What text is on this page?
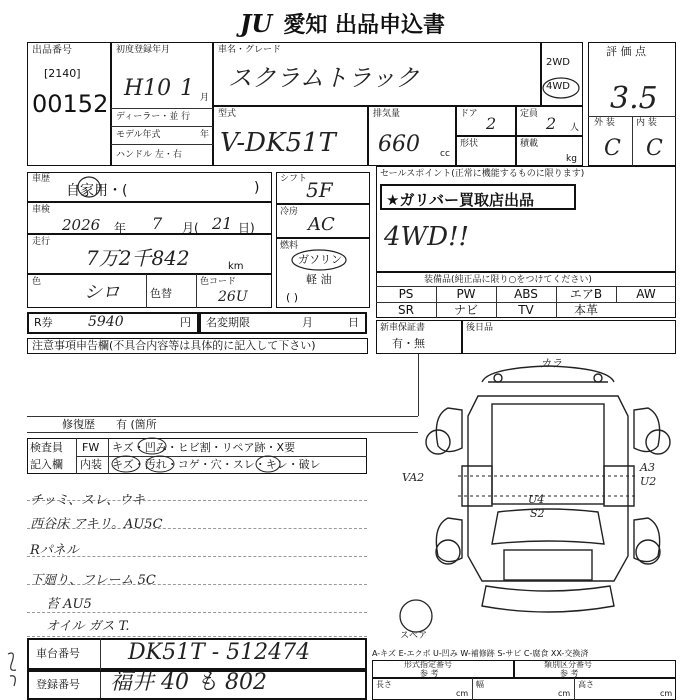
JU 愛知 出品申込書
出品番号
[2140]
00152
初度登録年月
H10 1 月
ディーラー・並 行
モデル年式	年
ハンドル 左・右
車名・グレード
スクラムトラック
2WD
4WD
型式
V-DK51T
排気量
660 cc
ドア 2	定員 2 人
形状	積載
kg
評 価 点
3.5
外 装 内 装
C C
車歴
自家用・(	)
車検
2026 年 7 月( 21 日)
走行
7万2千842	km
色 シロ	色替
色コード
26U
シフト
5F
冷房
AC
燃料
ガソリン
軽 油
( )
セールスポイント(正常に機能するものに限ります)
★ガリバー買取店出品
4WD!!
装備品(純正品に限り○をつけてください)
PS	PW	ABS	エアB	AW
SR	ナビ	TV	本革
R券	5940	円 名変期限	月	日 新車保証書
有・無
後日品
注意事項申告欄(不具合内容等は具体的に記入して下さい)
修復歴 有 (箇所
検査員
記入欄
FW キズ・凹み・ヒビ割・リペア跡・X要
内装 キズ・汚れ・コゲ・穴・スレ・キレ・破レ
チッミ、スレ、ウキ
西谷床 アキリ。AU5C
Rパネル
下廻り、フレーム 5C
苔 AU5
オイル ガス T.
カラ
VA2
A3
U2
U4
S2
スペア
車台番号 DK51T - 512474
登録番号 福井 40 も 802
A-キズ E-エクボ U-凹み W-補修跡 S-サビ C-腐食 XX-交換済
形式指定番号
参 考
類別区分番号
参 考
長さ
cm
幅
cm
高さ
cm
